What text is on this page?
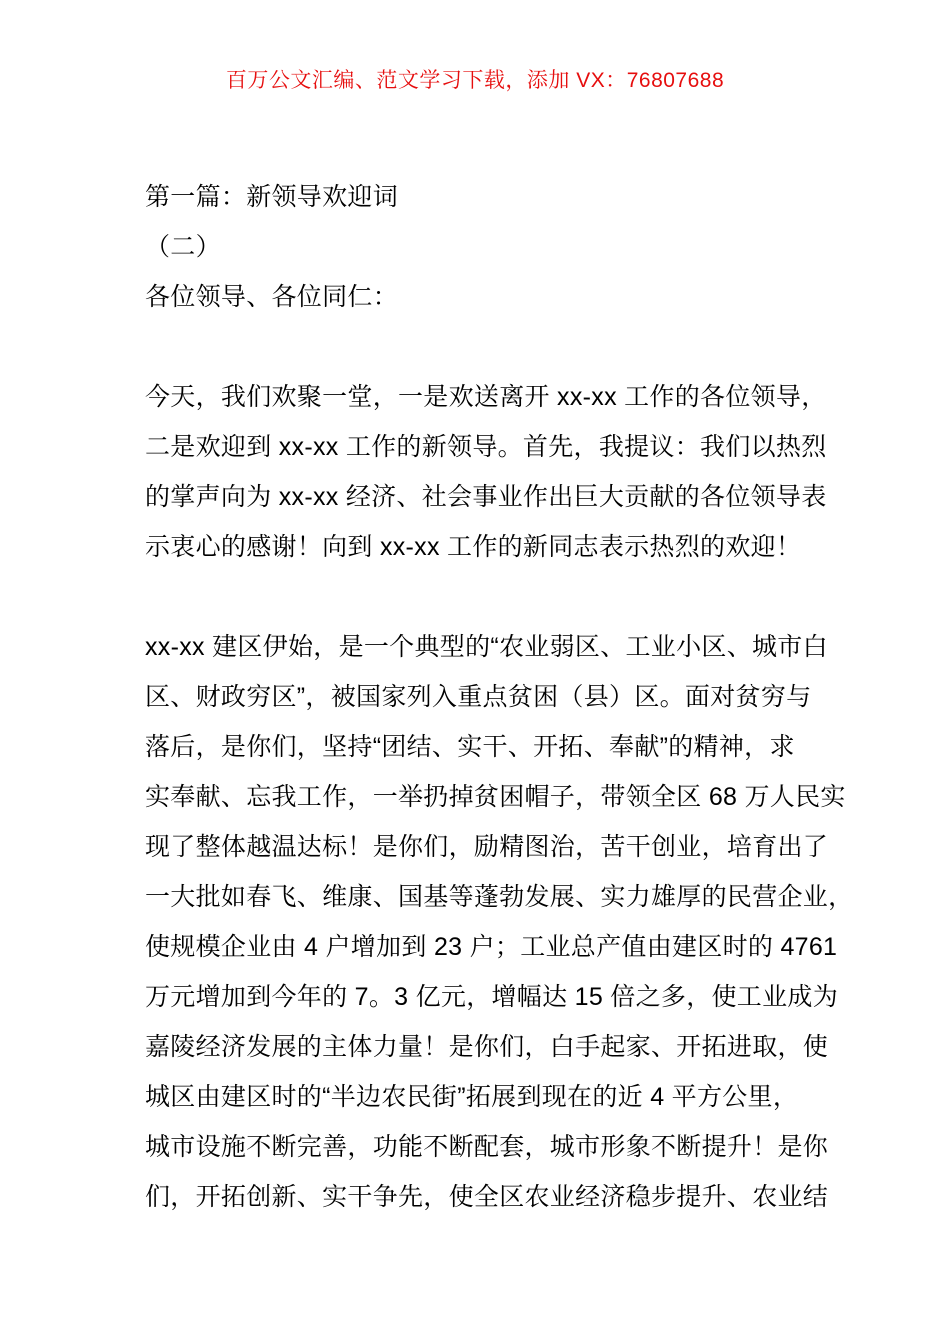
百万公文汇编、范文学习下载，添加 VX：76807688
第一篇：新领导欢迎词
（二）
各位领导、各位同仁：
今天，我们欢聚一堂，一是欢送离开 xx-xx 工作的各位领导，
二是欢迎到 xx-xx 工作的新领导。首先，我提议：我们以热烈
的掌声向为 xx-xx 经济、社会事业作出巨大贡献的各位领导表
示衷心的感谢！向到 xx-xx 工作的新同志表示热烈的欢迎！
xx-xx 建区伊始，是一个典型的“农业弱区、工业小区、城市白
区、财政穷区”，被国家列入重点贫困（县）区。面对贫穷与
落后，是你们，坚持“团结、实干、开拓、奉献”的精神，求
实奉献、忘我工作，一举扔掉贫困帽子，带领全区 68 万人民实
现了整体越温达标！是你们，励精图治，苦干创业，培育出了
一大批如春飞、维康、国基等蓬勃发展、实力雄厚的民营企业，
使规模企业由 4 户增加到 23 户；工业总产值由建区时的 4761
万元增加到今年的 7。3 亿元，增幅达 15 倍之多，使工业成为
嘉陵经济发展的主体力量！是你们，白手起家、开拓进取，使
城区由建区时的“半边农民街”拓展到现在的近 4 平方公里，
城市设施不断完善，功能不断配套，城市形象不断提升！是你
们，开拓创新、实干争先，使全区农业经济稳步提升、农业结
